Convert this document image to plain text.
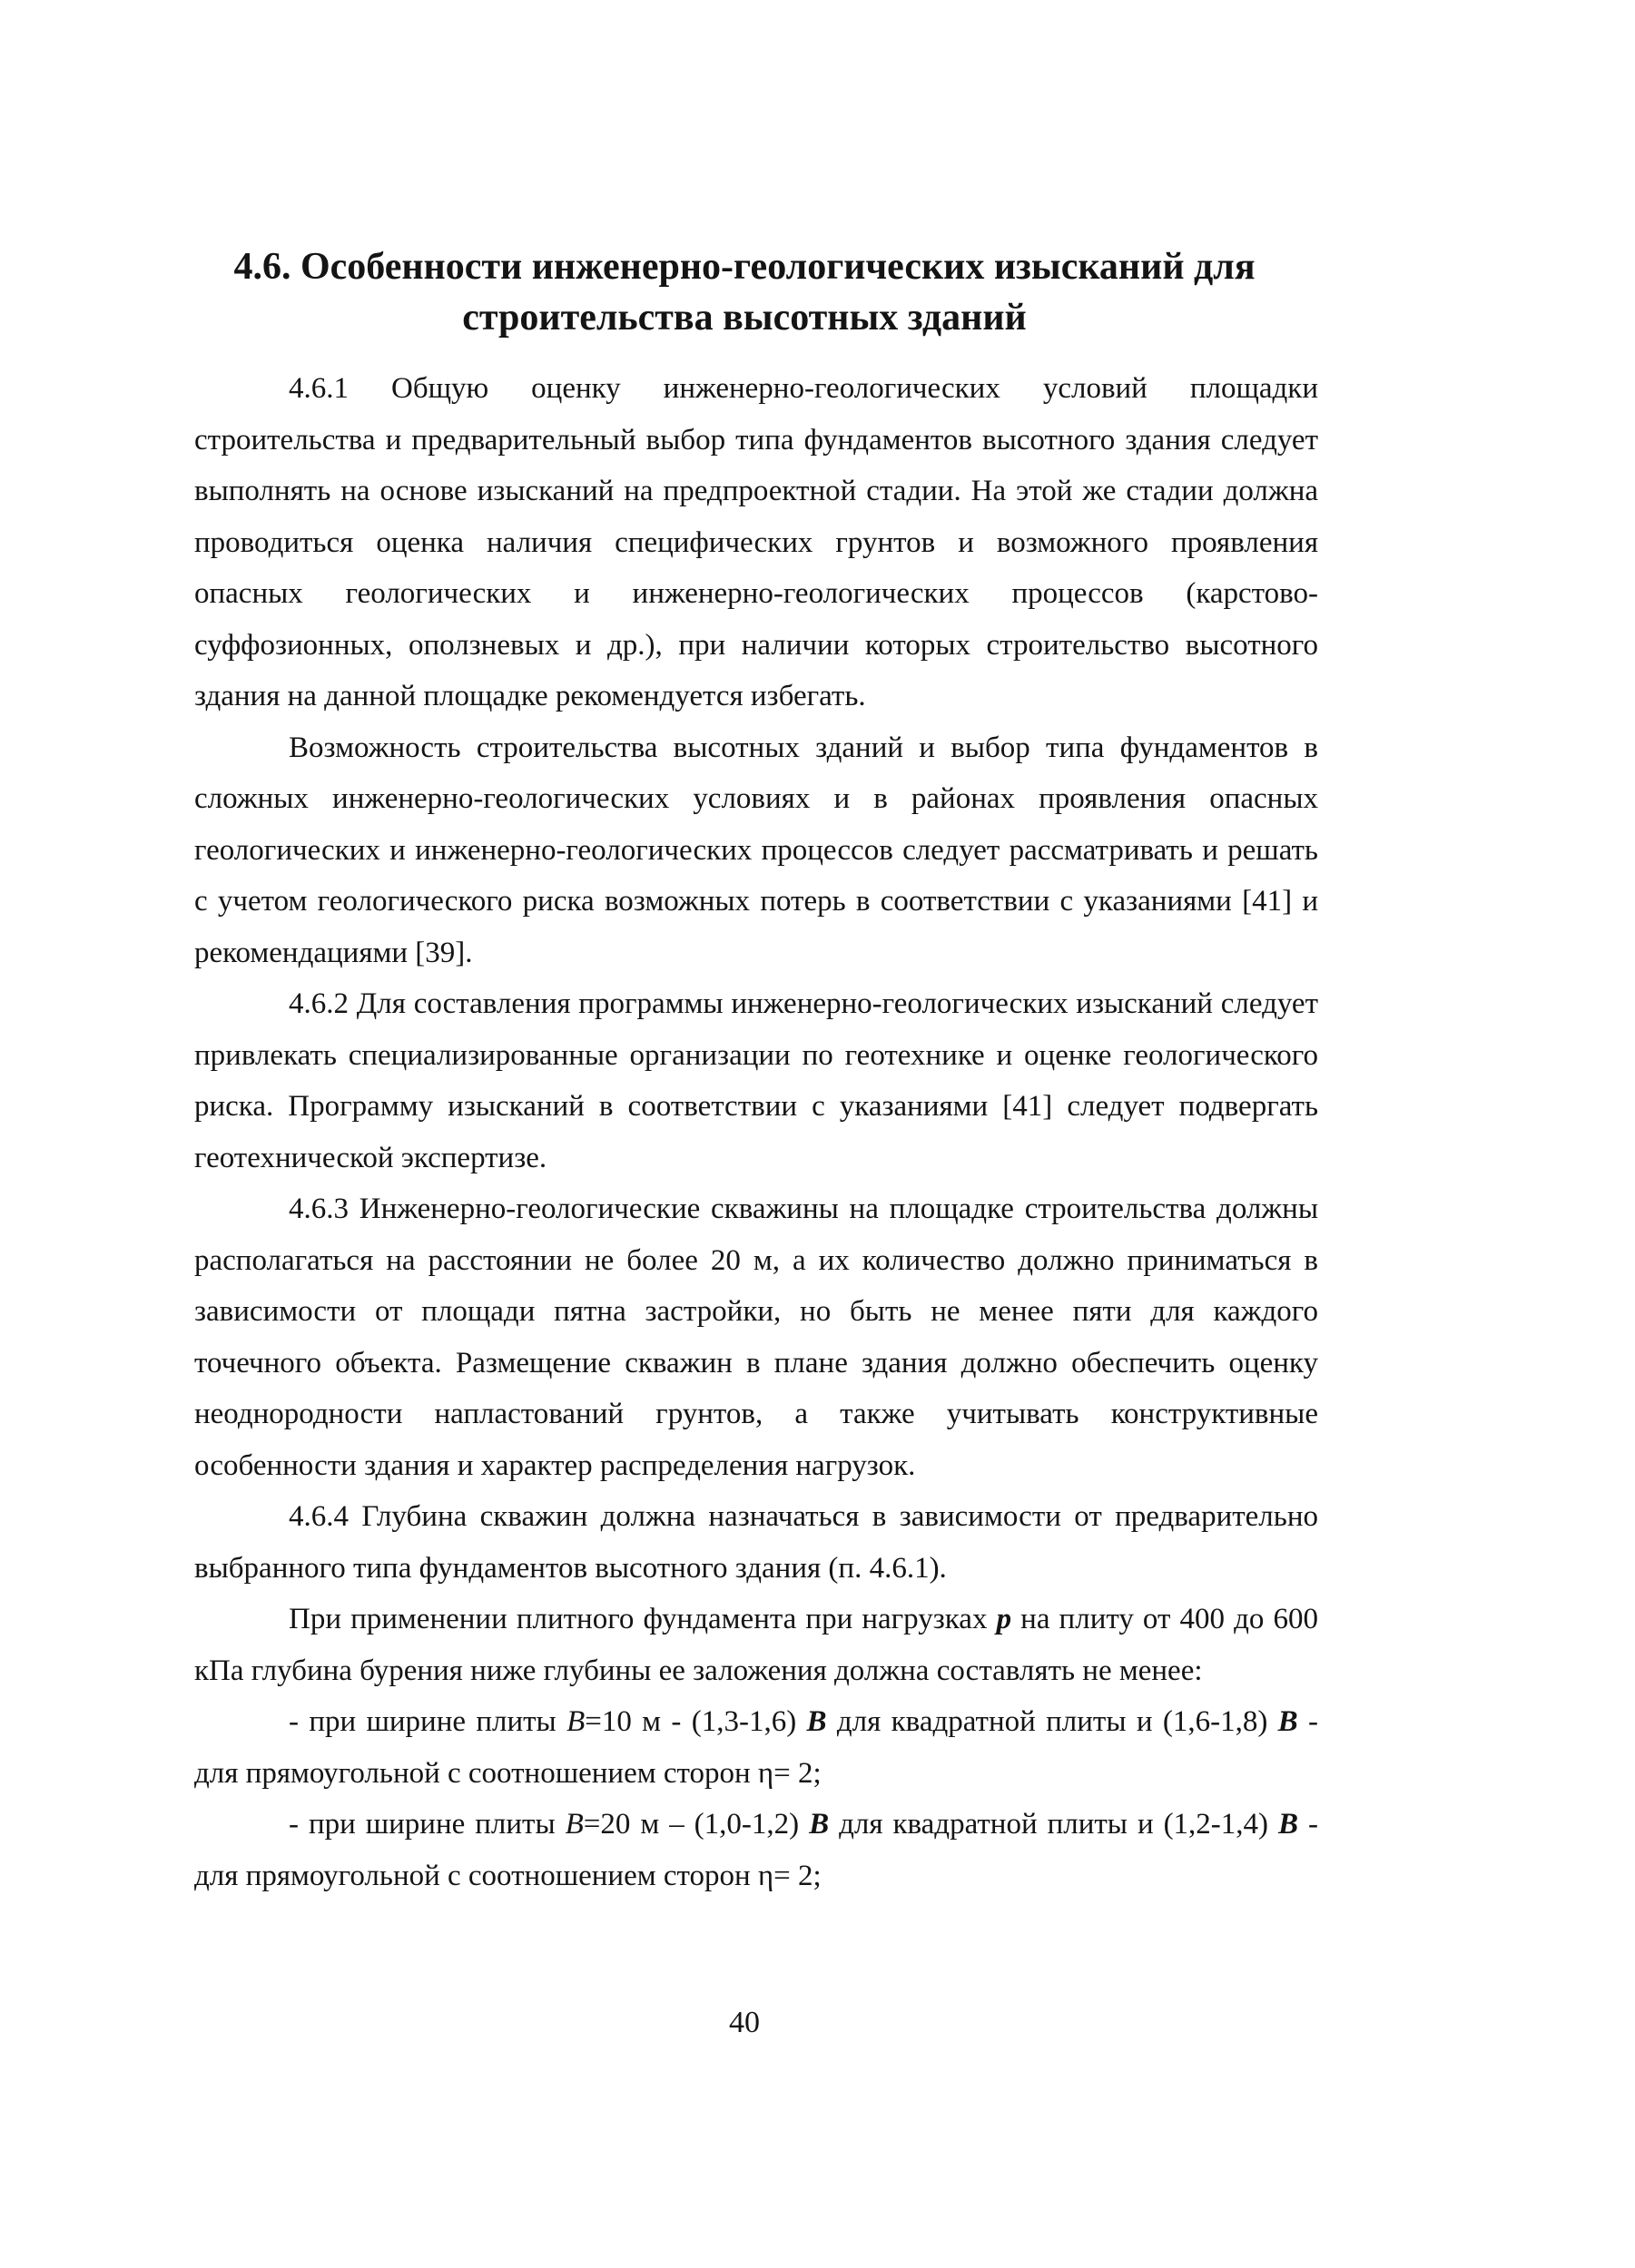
4.6. Особенности инженерно-геологических изысканий для
строительства высотных зданий

4.6.1 Общую оценку инженерно-геологических условий площадки строительства и предварительный выбор типа фундаментов высотного здания следует выполнять на основе изысканий на предпроектной стадии. На этой же стадии должна проводиться оценка наличия специфических грунтов и возможного проявления опасных геологических и инженерно-геологических процессов (карстово-суффозионных, оползневых и др.), при наличии которых строительство высотного здания на данной площадке рекомендуется избегать.

Возможность строительства высотных зданий и выбор типа фундаментов в сложных инженерно-геологических условиях и в районах проявления опасных геологических и инженерно-геологических процессов следует рассматривать и решать с учетом геологического риска возможных потерь в соответствии с указаниями [41] и рекомендациями [39].

4.6.2 Для составления программы инженерно-геологических изысканий следует привлекать специализированные организации по геотехнике и оценке геологического риска. Программу изысканий в соответствии с указаниями [41] следует подвергать геотехнической экспертизе.

4.6.3 Инженерно-геологические скважины на площадке строительства должны располагаться на расстоянии не более 20 м, а их количество должно приниматься в зависимости от площади пятна застройки, но быть не менее пяти для каждого точечного объекта. Размещение скважин в плане здания должно обеспечить оценку неоднородности напластований грунтов, а также учитывать конструктивные особенности здания и характер распределения нагрузок.

4.6.4 Глубина скважин должна назначаться в зависимости от предварительно выбранного типа фундаментов высотного здания (п. 4.6.1).

При применении плитного фундамента при нагрузках p на плиту от 400 до 600 кПа глубина бурения ниже глубины ее заложения должна составлять не менее:

- при ширине плиты B=10 м - (1,3-1,6) B для квадратной плиты и (1,6-1,8) B - для прямоугольной с соотношением сторон η= 2;

- при ширине плиты B=20 м – (1,0-1,2) B для квадратной плиты и (1,2-1,4) B - для прямоугольной с соотношением сторон η= 2;

40
